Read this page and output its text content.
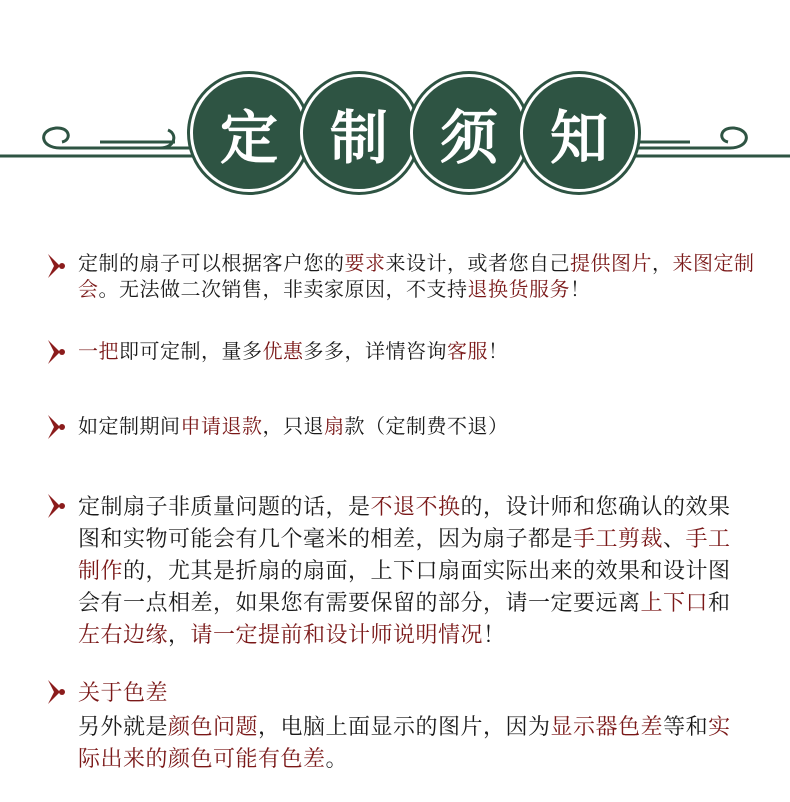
定 制 须 知
定制的扇子可以根据客户您的要求来设计，或者您自己提供图片，来图定制会。无法做二次销售，非卖家原因，不支持退换货服务！
一把即可定制，量多优惠多多，详情咨询客服！
如定制期间申请退款，只退扇款（定制费不退）
定制扇子非质量问题的话，是不退不换的，设计师和您确认的效果图和实物可能会有几个毫米的相差，因为扇子都是手工剪裁、手工制作的，尤其是折扇的扇面，上下口扇面实际出来的效果和设计图会有一点相差，如果您有需要保留的部分，请一定要远离上下口和左右边缘，请一定提前和设计师说明情况！
关于色差
另外就是颜色问题，电脑上面显示的图片，因为显示器色差等和实际出来的颜色可能有色差。
